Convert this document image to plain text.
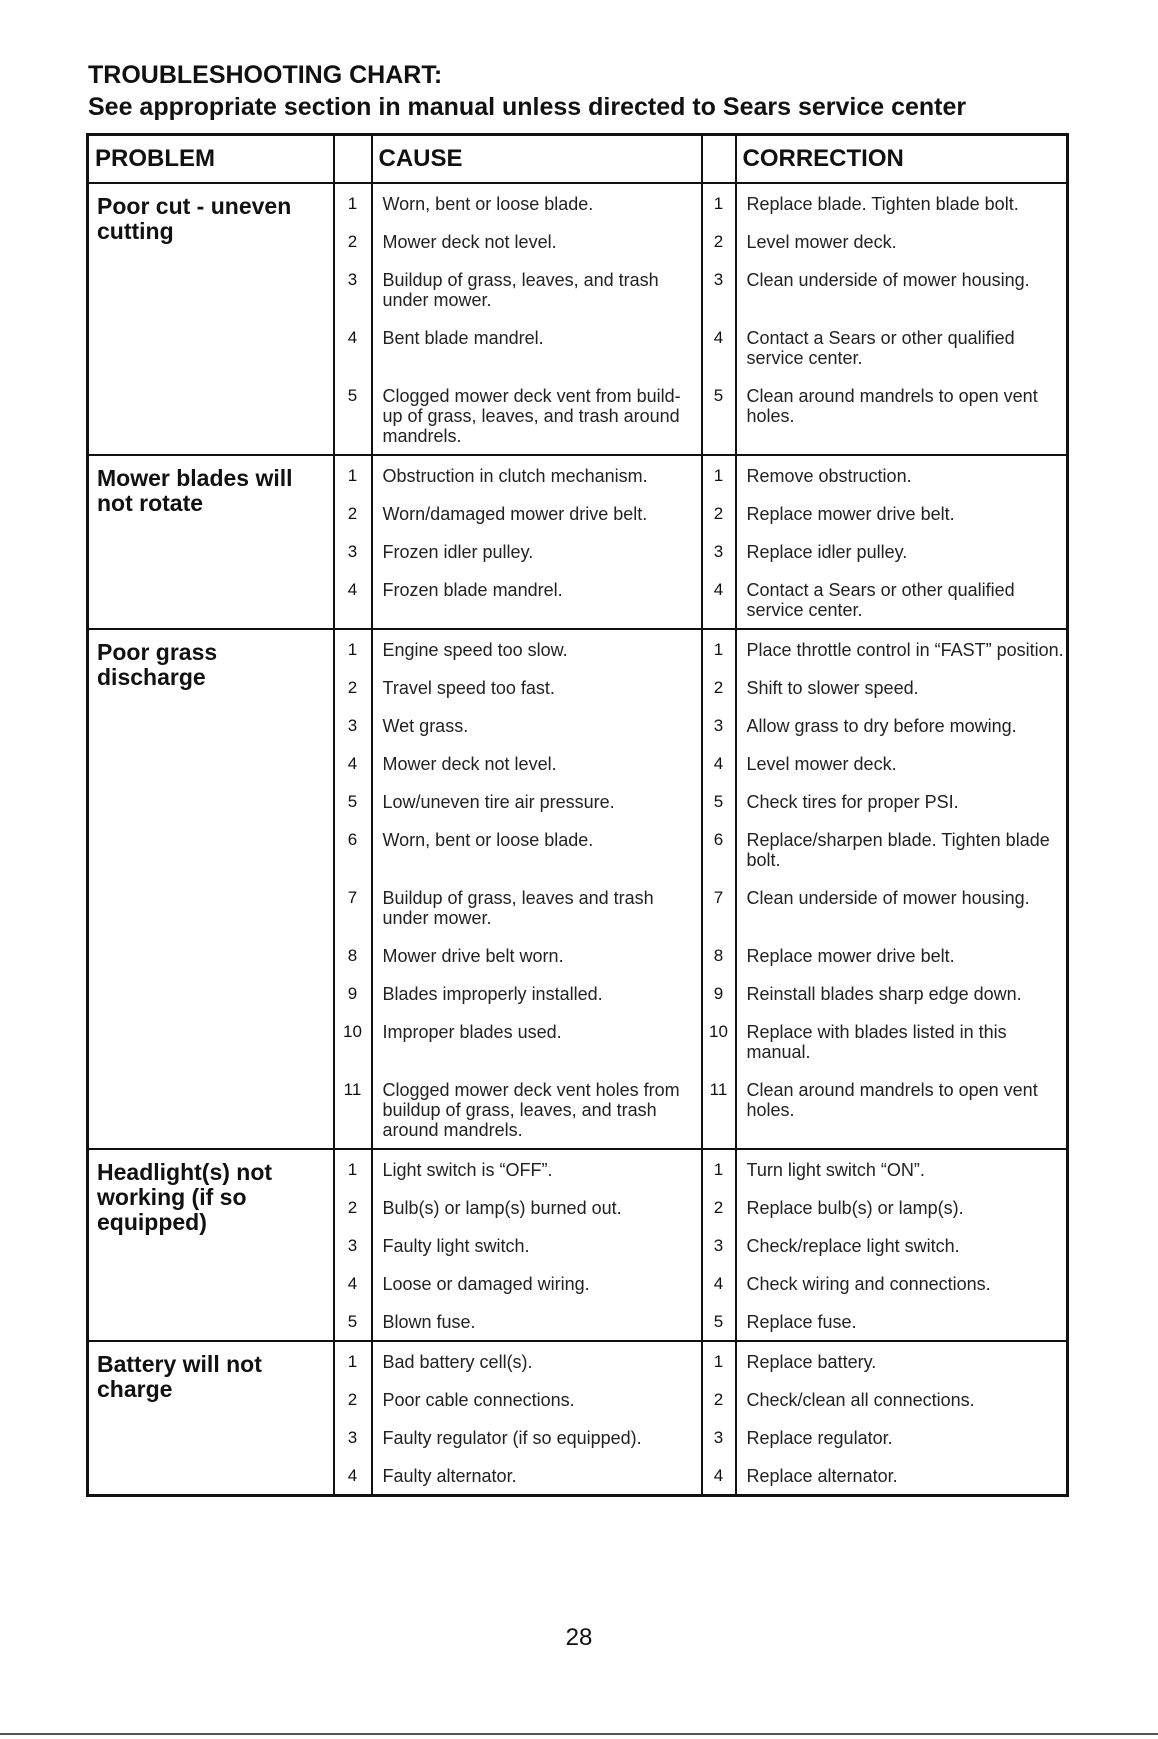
TROUBLESHOOTING CHART:
See appropriate section in manual unless directed to Sears service center
PROBLEM		CAUSE		CORRECTION
Poor cut - uneven cutting	1	Worn, bent or loose blade.	1	Replace blade. Tighten blade bolt.
	2	Mower deck not level.	2	Level mower deck.
	3	Buildup of grass, leaves, and trash under mower.	3	Clean underside of mower housing.
	4	Bent blade mandrel.	4	Contact a Sears or other qualified service center.
	5	Clogged mower deck vent from build-up of grass, leaves, and trash around mandrels.	5	Clean around mandrels to open vent holes.
Mower blades will not rotate	1	Obstruction in clutch mechanism.	1	Remove obstruction.
	2	Worn/damaged mower drive belt.	2	Replace mower drive belt.
	3	Frozen idler pulley.	3	Replace idler pulley.
	4	Frozen blade mandrel.	4	Contact a Sears or other qualified service center.
Poor grass discharge	1	Engine speed too slow.	1	Place throttle control in “FAST” position.
	2	Travel speed too fast.	2	Shift to slower speed.
	3	Wet grass.	3	Allow grass to dry before mowing.
	4	Mower deck not level.	4	Level mower deck.
	5	Low/uneven tire air pressure.	5	Check tires for proper PSI.
	6	Worn, bent or loose blade.	6	Replace/sharpen blade. Tighten blade bolt.
	7	Buildup of grass, leaves and trash under mower.	7	Clean underside of mower housing.
	8	Mower drive belt worn.	8	Replace mower drive belt.
	9	Blades improperly installed.	9	Reinstall blades sharp edge down.
	10	Improper blades used.	10	Replace with blades listed in this manual.
	11	Clogged mower deck vent holes from buildup of grass, leaves, and trash around mandrels.	11	Clean around mandrels to open vent holes.
Headlight(s) not working (if so equipped)	1	Light switch is “OFF”.	1	Turn light switch “ON”.
	2	Bulb(s) or lamp(s) burned out.	2	Replace bulb(s) or lamp(s).
	3	Faulty light switch.	3	Check/replace light switch.
	4	Loose or damaged wiring.	4	Check wiring and connections.
	5	Blown fuse.	5	Replace fuse.
Battery will not charge	1	Bad battery cell(s).	1	Replace battery.
	2	Poor cable connections.	2	Check/clean all connections.
	3	Faulty regulator (if so equipped).	3	Replace regulator.
	4	Faulty alternator.	4	Replace alternator.
28
